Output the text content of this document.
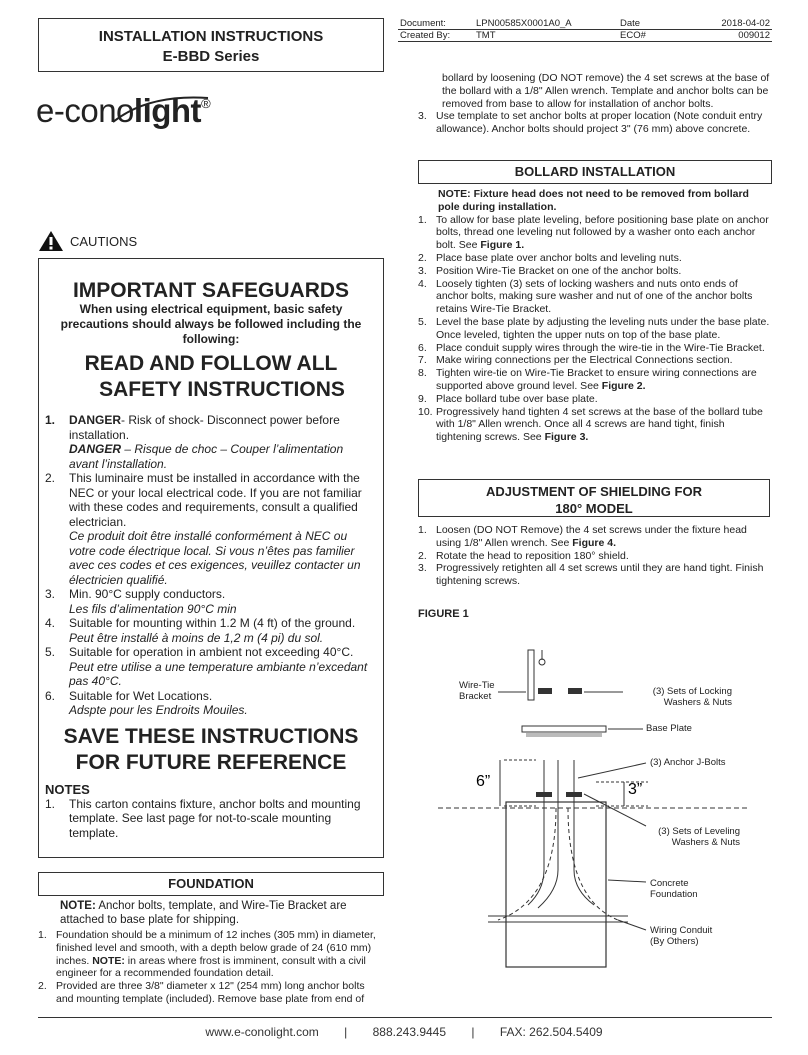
INSTALLATION INSTRUCTIONS
E-BBD Series
Document:	LPN00585X0001A0_A	Date	2018-04-02
Created By:	TMT	ECO#	009012
e-conolight®
CAUTIONS
IMPORTANT SAFEGUARDS
When using electrical equipment, basic safety precautions should always be followed including the following:
READ AND FOLLOW ALL
SAFETY INSTRUCTIONS
1. DANGER- Risk of shock- Disconnect power before installation.
DANGER – Risque de choc – Couper l’alimentation avant l’installation.
2. This luminaire must be installed in accordance with the NEC or your local electrical code. If you are not familiar with these codes and requirements, consult a qualified electrician.
Ce produit doit être installé conformément à NEC ou votre code électrique local. Si vous n’êtes pas familier avec ces codes et ces exigences, veuillez contacter un électricien qualifié.
3. Min. 90°C supply conductors.
Les fils d’alimentation 90°C min
4. Suitable for mounting within 1.2 M (4 ft) of the ground.
Peut être installé à moins de 1,2 m (4 pi) du sol.
5. Suitable for operation in ambient not exceeding 40°C.
Peut etre utilise a une temperature ambiante n’excedant pas 40°C.
6. Suitable for Wet Locations.
Adspte pour les Endroits Mouiles.
SAVE THESE INSTRUCTIONS
FOR FUTURE REFERENCE
NOTES
1. This carton contains fixture, anchor bolts and mounting template. See last page for not-to-scale mounting template.
FOUNDATION
NOTE: Anchor bolts, template, and Wire-Tie Bracket are attached to base plate for shipping.
1. Foundation should be a minimum of 12 inches (305 mm) in diameter, finished level and smooth, with a depth below grade of 24 (610 mm) inches. NOTE: in areas where frost is imminent, consult with a civil engineer for a recommended foundation detail.
2. Provided are three 3/8" diameter x 12" (254 mm) long anchor bolts and mounting template (included). Remove base plate from end of
bollard by loosening (DO NOT remove) the 4 set screws at the base of the bollard with a 1/8" Allen wrench. Template and anchor bolts can be removed from base to allow for installation of anchor bolts.
3. Use template to set anchor bolts at proper location (Note conduit entry allowance). Anchor bolts should project 3" (76 mm) above concrete.
BOLLARD INSTALLATION
NOTE: Fixture head does not need to be removed from bollard pole during installation.
1. To allow for base plate leveling, before positioning base plate on anchor bolts, thread one leveling nut followed by a washer onto each anchor bolt. See Figure 1.
2. Place base plate over anchor bolts and leveling nuts.
3. Position Wire-Tie Bracket on one of the anchor bolts.
4. Loosely tighten (3) sets of locking washers and nuts onto ends of anchor bolts, making sure washer and nut of one of the anchor bolts retains Wire-Tie Bracket.
5. Level the base plate by adjusting the leveling nuts under the base plate. Once leveled, tighten the upper nuts on top of the base plate.
6. Place conduit supply wires through the wire-tie in the Wire-Tie Bracket.
7. Make wiring connections per the Electrical Connections section.
8. Tighten wire-tie on Wire-Tie Bracket to ensure wiring connections are supported above ground level. See Figure 2.
9. Place bollard tube over base plate.
10. Progressively hand tighten 4 set screws at the base of the bollard tube with 1/8" Allen wrench. Once all 4 screws are hand tight, finish tightening screws. See Figure 3.
ADJUSTMENT OF SHIELDING FOR
180° MODEL
1. Loosen (DO NOT Remove) the 4 set screws under the fixture head using 1/8" Allen wrench. See Figure 4.
2. Rotate the head to reposition 180° shield.
3. Progressively retighten all 4 set screws until they are hand tight. Finish tightening screws.
FIGURE 1
6”	3”
Wire-Tie
Bracket	(3) Sets of Locking
Washers & Nuts
Base Plate
(3) Anchor J-Bolts
(3) Sets of Leveling
Washers & Nuts
Concrete
Foundation
Wiring Conduit
(By Others)
www.e-conolight.com | 888.243.9445 | FAX: 262.504.5409
